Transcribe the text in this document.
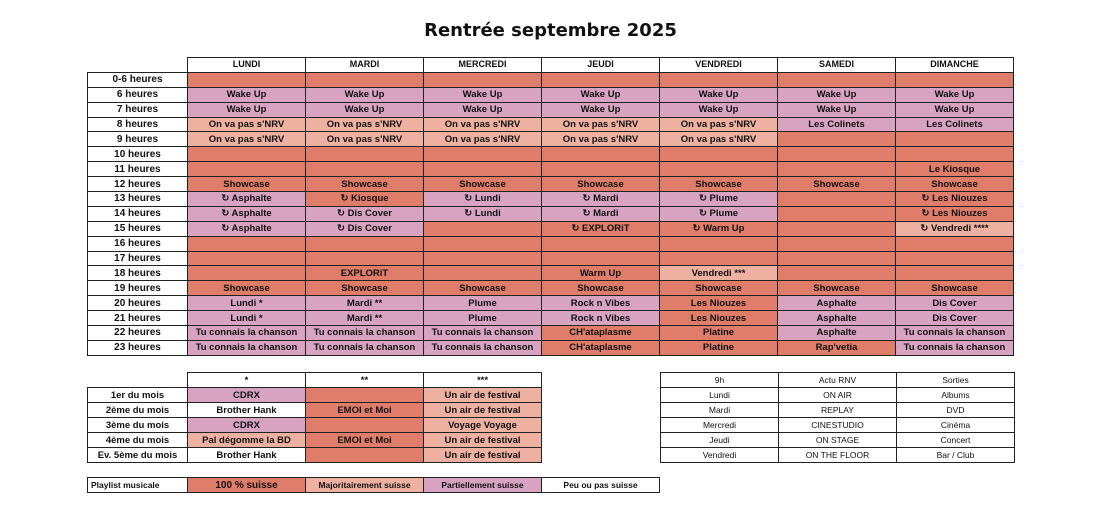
Rentrée septembre 2025
	LUNDI	MARDI	MERCREDI	JEUDI	VENDREDI	SAMEDI	DIMANCHE
0-6 heures							
6 heures	Wake Up	Wake Up	Wake Up	Wake Up	Wake Up	Wake Up	Wake Up
7 heures	Wake Up	Wake Up	Wake Up	Wake Up	Wake Up	Wake Up	Wake Up
8 heures	On va pas s'NRV	On va pas s'NRV	On va pas s'NRV	On va pas s'NRV	On va pas s'NRV	Les Colinets	Les Colinets
9 heures	On va pas s'NRV	On va pas s'NRV	On va pas s'NRV	On va pas s'NRV	On va pas s'NRV		
10 heures							
11 heures							Le Kiosque
12 heures	Showcase	Showcase	Showcase	Showcase	Showcase	Showcase	Showcase
13 heures	↻ Asphalte	↻ Kiosque	↻ Lundi	↻ Mardi	↻ Plume		↻ Les Niouzes
14 heures	↻ Asphalte	↻ Dis Cover	↻ Lundi	↻ Mardi	↻ Plume		↻ Les Niouzes
15 heures	↻ Asphalte	↻ Dis Cover		↻ EXPLORiT	↻ Warm Up		↻ Vendredi ****
16 heures							
17 heures							
18 heures		EXPLORiT		Warm Up	Vendredi ***		
19 heures	Showcase	Showcase	Showcase	Showcase	Showcase	Showcase	Showcase
20 heures	Lundi *	Mardi **	Plume	Rock n Vibes	Les Niouzes	Asphalte	Dis Cover
21 heures	Lundi *	Mardi **	Plume	Rock n Vibes	Les Niouzes	Asphalte	Dis Cover
22 heures	Tu connais la chanson	Tu connais la chanson	Tu connais la chanson	CH'ataplasme	Platine	Asphalte	Tu connais la chanson
23 heures	Tu connais la chanson	Tu connais la chanson	Tu connais la chanson	CH'ataplasme	Platine	Rap'vetia	Tu connais la chanson
	*	**	***
1er du mois	CDRX		Un air de festival
2ème du mois	Brother Hank	EMOI et Moi	Un air de festival
3ème du mois	CDRX		Voyage Voyage
4ème du mois	Pal dégomme la BD	EMOI et Moi	Un air de festival
Ev. 5ème du mois	Brother Hank		Un air de festival
9h	Actu RNV	Sorties
Lundi	ON AIR	Albums
Mardi	REPLAY	DVD
Mercredi	CINESTUDIO	Cinéma
Jeudi	ON STAGE	Concert
Vendredi	ON THE FLOOR	Bar / Club
Playlist musicale	100 % suisse	Majoritairement suisse	Partiellement suisse	Peu ou pas suisse
